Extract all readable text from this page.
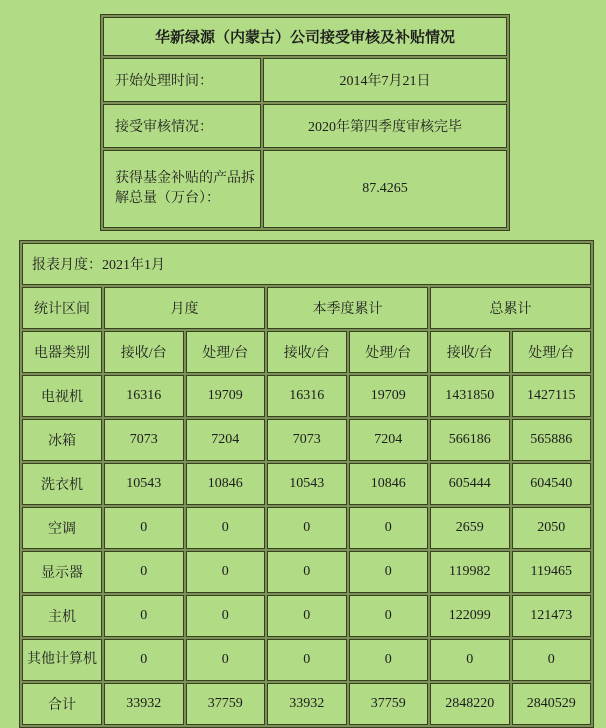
华新绿源（内蒙古）公司接受审核及补贴情况	
开始处理时间：	2014年7月21日
接受审核情况：	2020年第四季度审核完毕
获得基金补贴的产品拆解总量（万台）：	87.4265
报表月度：2021年1月						
统计区间	月度		本季度累计		总累计	
电器类别	接收/台	处理/台	接收/台	处理/台	接收/台	处理/台
电视机	16316	19709	16316	19709	1431850	1427115
冰箱	7073	7204	7073	7204	566186	565886
洗衣机	10543	10846	10543	10846	605444	604540
空调	0	0	0	0	2659	2050
显示器	0	0	0	0	119982	119465
主机	0	0	0	0	122099	121473
其他计算机	0	0	0	0	0	0
合计	33932	37759	33932	37759	2848220	2840529
